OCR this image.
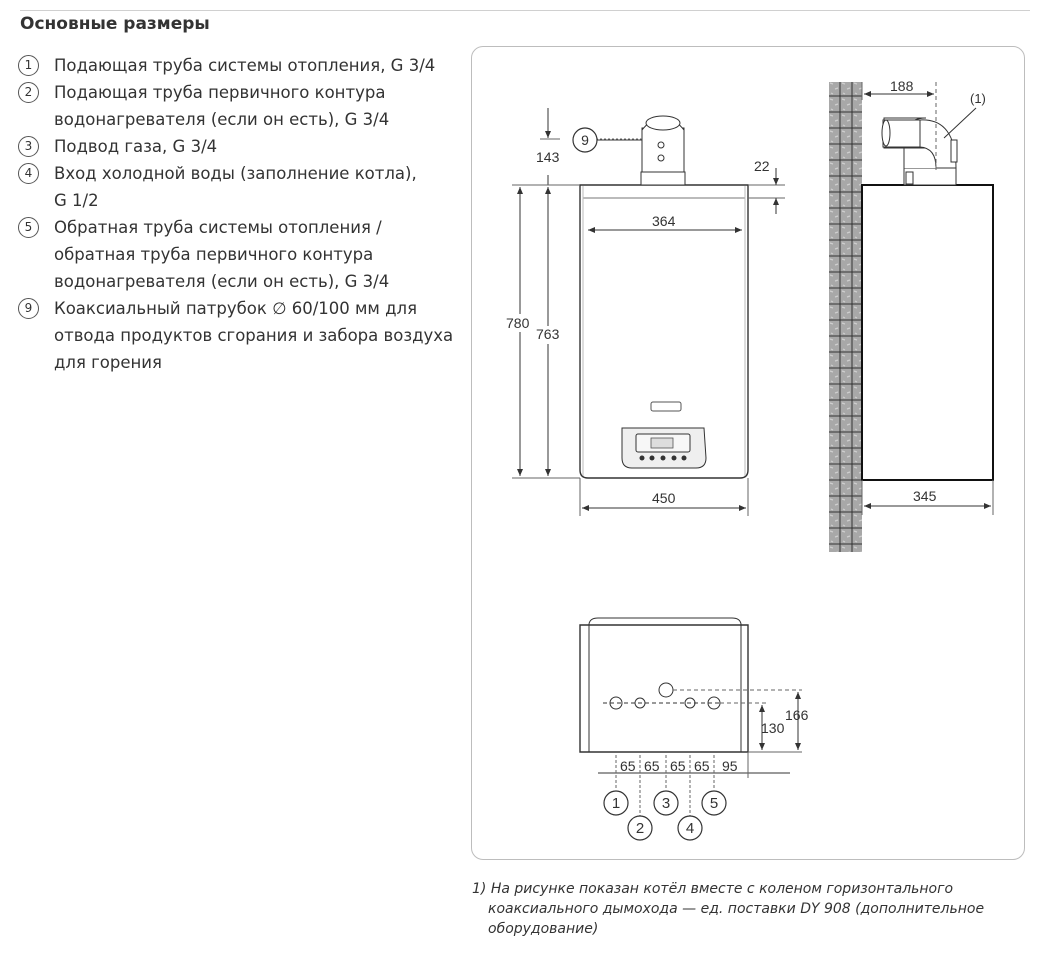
Основные размеры
1	Подающая труба системы отопления, G 3/4
2	Подающая труба первичного контура
водонагревателя (если он есть), G 3/4
3	Подвод газа, G 3/4
4	Вход холодной воды (заполнение котла),
G 1/2
5	Обратная труба системы отопления /
обратная труба первичного контура
водонагревателя (если он есть), G 3/4
9	Коаксиальный патрубок ∅ 60/100 мм для
отвода продуктов сгорания и забора воздуха
для горения
143
9
22
364
780
763
450
188
(1)
345
166
130
65 65 65 65 95
1
2
3
4
5
1) На рисунке показан котёл вместе с коленом горизонтального
коаксиального дымохода — ед. поставки DY 908 (дополнительное
оборудование)
